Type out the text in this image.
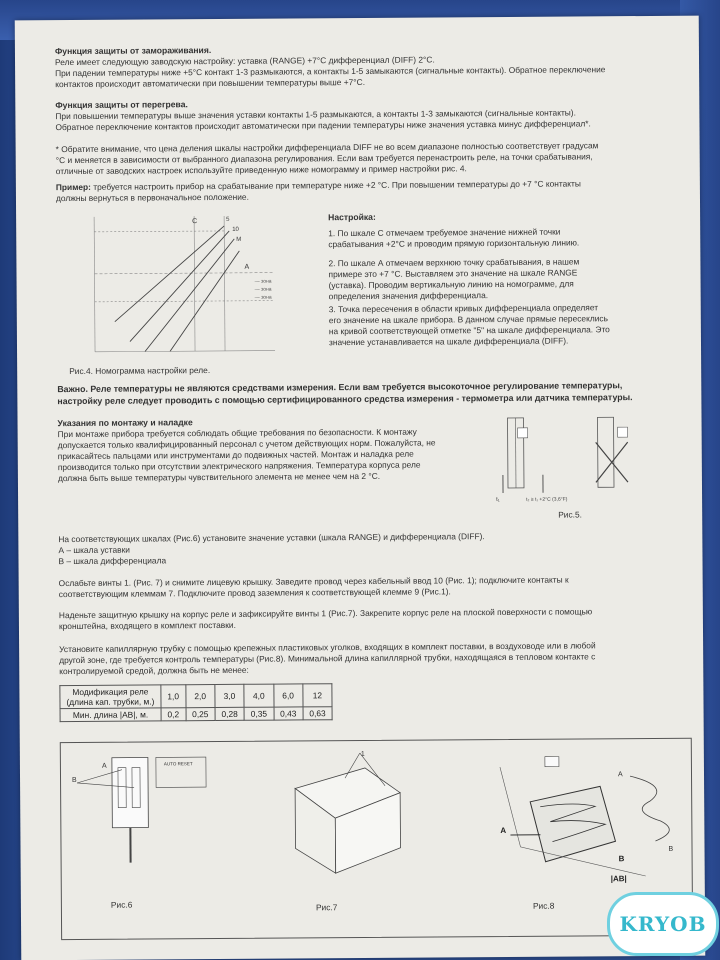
Функция защиты от замораживания.
Реле имеет следующую заводскую настройку: уставка (RANGE) +7°С дифференциал (DIFF) 2°С.
При падении температуры ниже +5°С контакт 1-3 размыкаются, а контакты 1-5 замыкаются (сигнальные контакты). Обратное переключение
контактов происходит автоматически при повышении температуры выше +7°С.
Функция защиты от перегрева.
При повышении температуры выше значения уставки контакты 1-5 размыкаются, а контакты 1-3 замыкаются (сигнальные контакты).
Обратное переключение контактов происходит автоматически при падении температуры ниже значения уставка минус дифференциал*.
* Обратите внимание, что цена деления шкалы настройки дифференциала DIFF не во всем диапазоне полностью соответствует градусам
°С и меняется в зависимости от выбранного диапазона регулирования. Если вам требуется перенастроить реле, на точки срабатывания,
отличные от заводских настроек используйте приведенную ниже номограмму и пример настройки рис. 4.
Пример: требуется настроить прибор на срабатывание при температуре ниже +2 °С. При повышении температуры до +7 °С контакты
должны вернуться в первоначальное положение.
C
A
5
10
M
— зона
— зона
— зона
Рис.4. Номограмма настройки реле.
Настройка:
1. По шкале С отмечаем требуемое значение нижней точки
срабатывания +2°С и проводим прямую горизонтальную линию.
2. По шкале А отмечаем верхнюю точку срабатывания, в нашем
примере это +7 °С. Выставляем это значение на шкале RANGE
(уставка). Проводим вертикальную линию на номограмме, для
определения значения дифференциала.
3. Точка пересечения в области кривых дифференциала определяет
его значение на шкале прибора. В данном случае прямые пересеклись
на кривой соответствующей отметке "5" на шкале дифференциала. Это
значение устанавливается на шкале дифференциала (DIFF).
Важно. Реле температуры не являются средствами измерения. Если вам требуется высокоточное регулирование температуры,
настройку реле следует проводить с помощью сертифицированного средства измерения - термометра или датчика температуры.
Указания по монтажу и наладке
При монтаже прибора требуется соблюдать общие требования по безопасности. К монтажу
допускается только квалифицированный персонал с учетом действующих норм. Пожалуйста, не
прикасайтесь пальцами или инструментами до подвижных частей. Монтаж и наладка реле
производится только при отсутствии электрического напряжения. Температура корпуса реле
должна быть выше температуры чувствительного элемента не менее чем на 2 °С.
t₁	t₂ ≥ t₁ +2°C (3,6°F)
Рис.5.
На соответствующих шкалах (Рис.6) установите значение уставки (шкала RANGE) и дифференциала (DIFF).
А – шкала уставки
В – шкала дифференциала
Ослабьте винты 1. (Рис. 7) и снимите лицевую крышку. Заведите провод через кабельный ввод 10 (Рис. 1); подключите контакты к
соответствующим клеммам 7. Подключите провод заземления к соответствующей клемме 9 (Рис.1).
Наденьте защитную крышку на корпус реле и зафиксируйте винты 1 (Рис.7). Закрепите корпус реле на плоской поверхности с помощью
кронштейна, входящего в комплект поставки.
Установите капиллярную трубку с помощью крепежных пластиковых уголков, входящих в комплект поставки, в воздуховоде или в любой
другой зоне, где требуется контроль температуры (Рис.8). Минимальной длина капиллярной трубки, находящаяся в тепловом контакте с
контролируемой средой, должна быть не менее:
Модификация реле
(длина кап. трубки, м.)	1,0	2,0	3,0	4,0	6,0	12
Мин. длина |AB|, м.	0,2	0,25	0,28	0,35	0,43	0,63
A
B
AUTO RESET
Рис.6
1
Рис.7
A
A
B
B
|AB|
Рис.8
KRYOB
